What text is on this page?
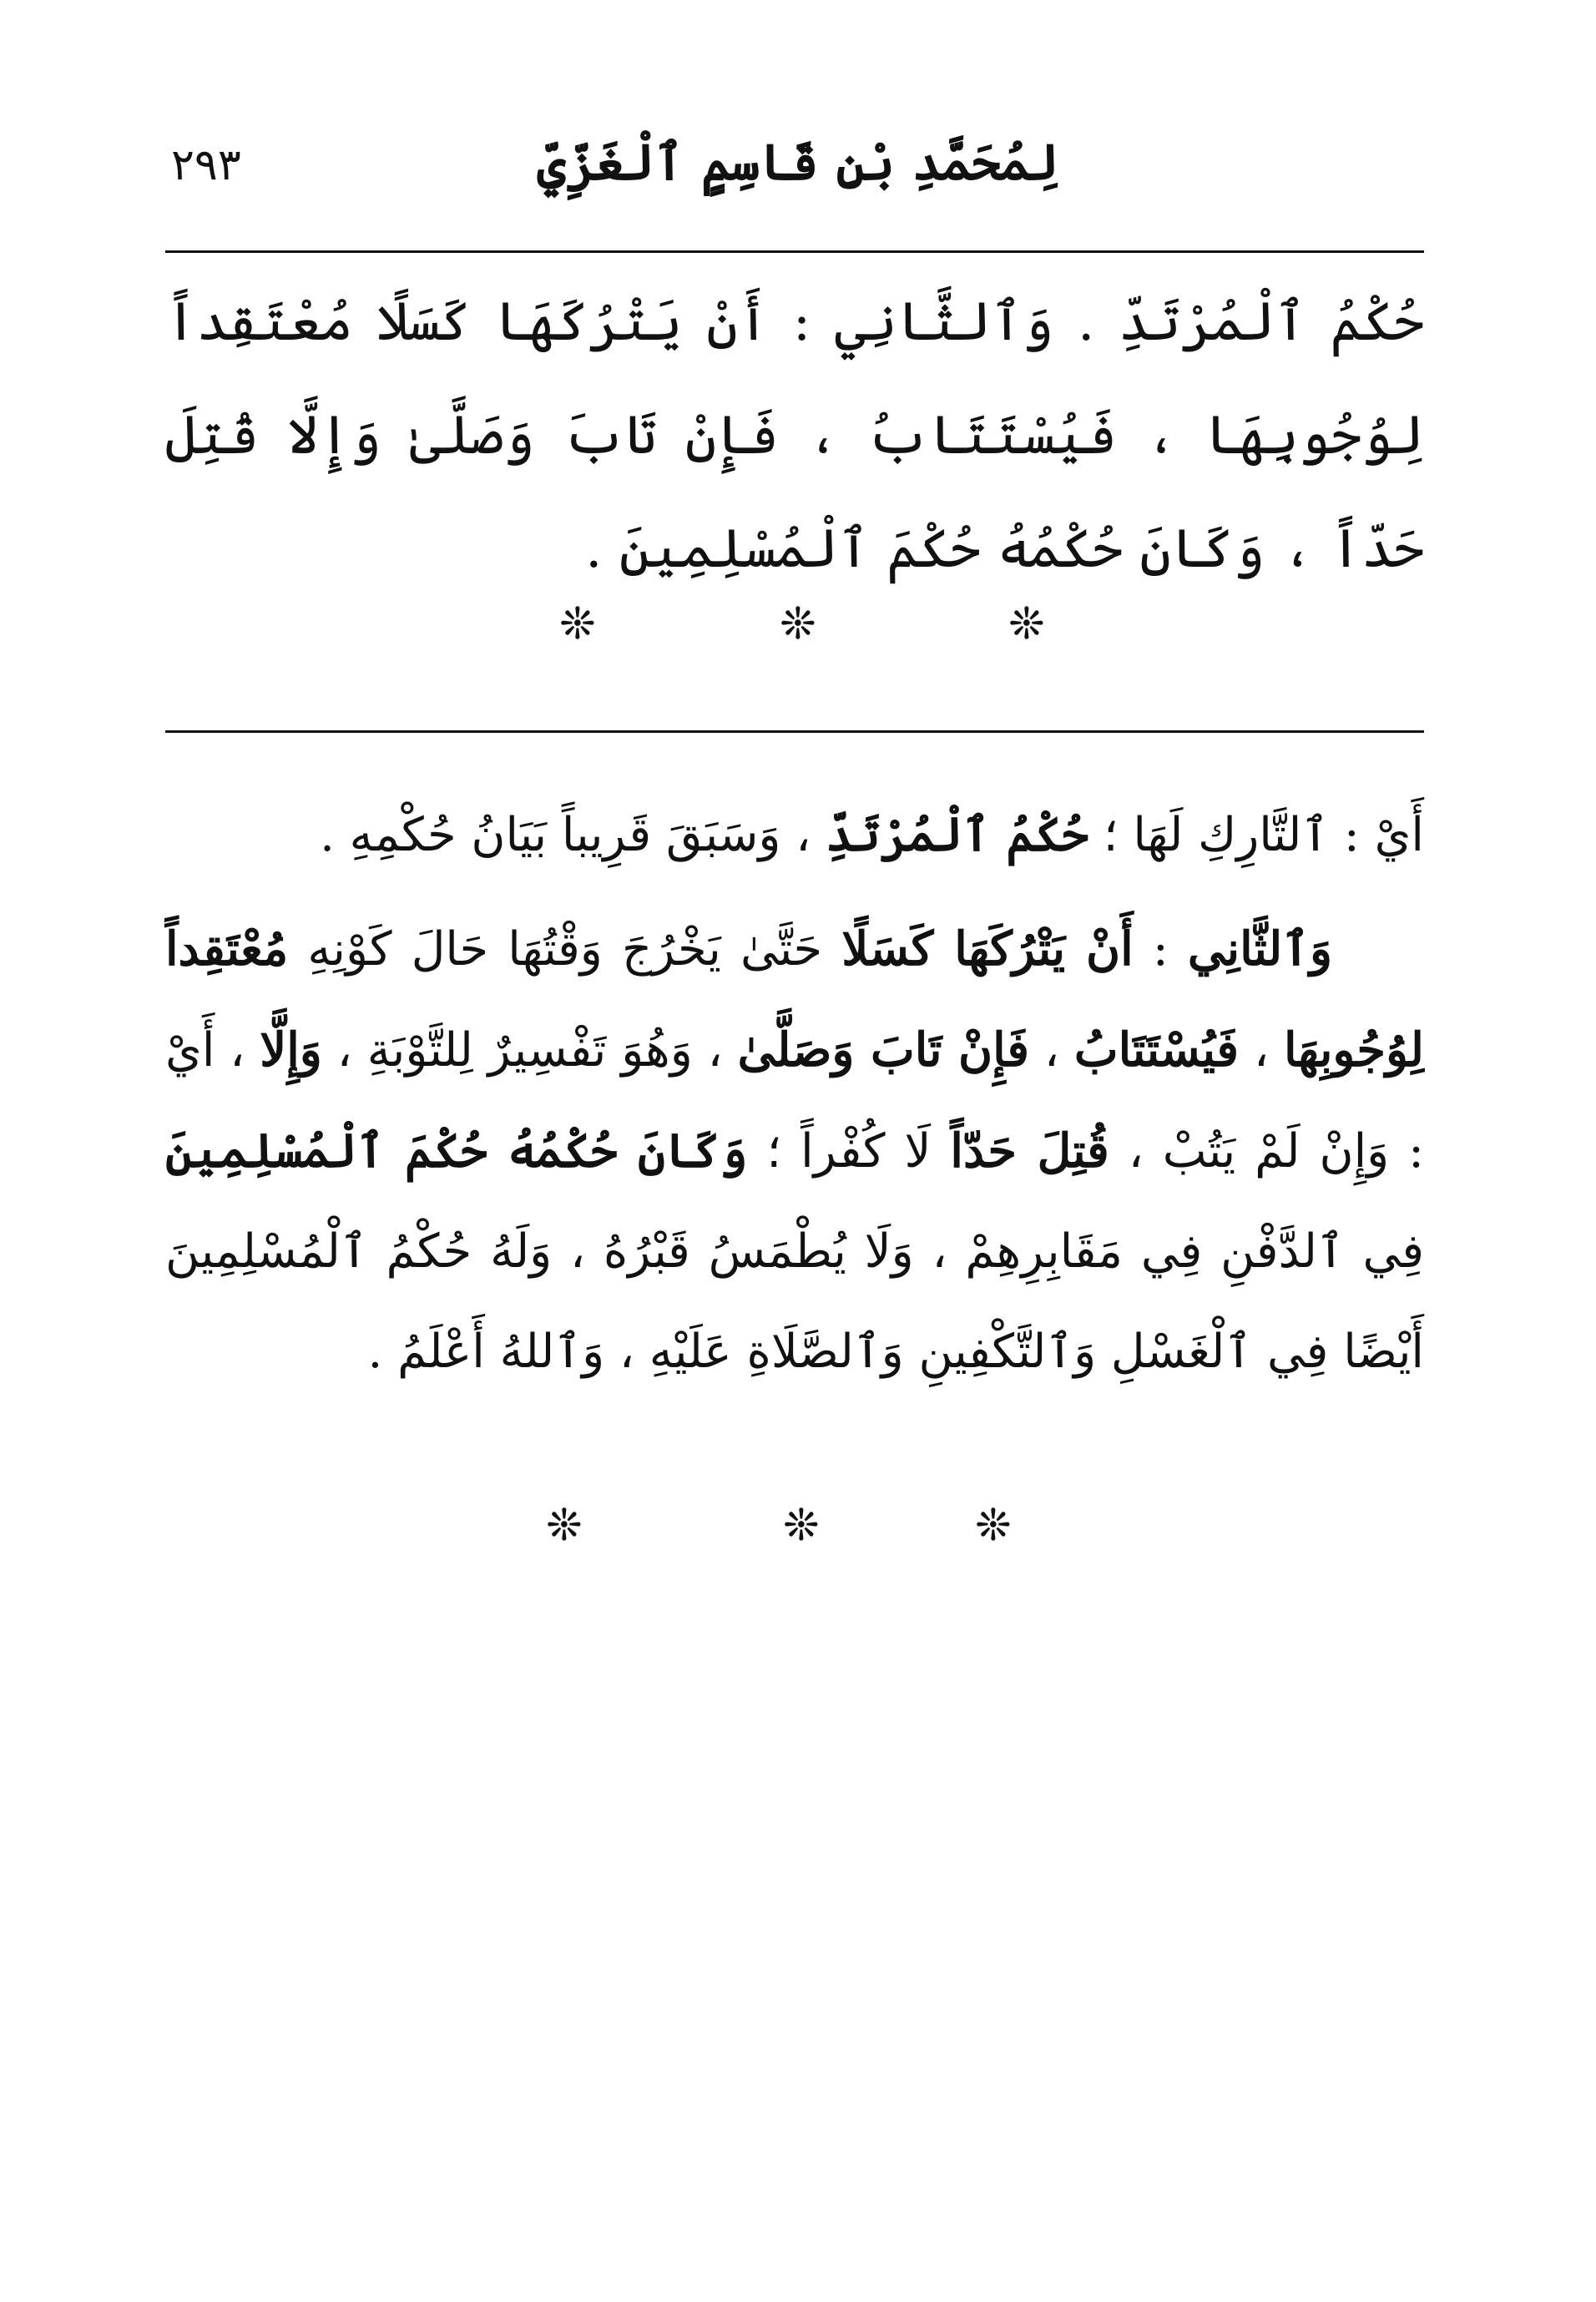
٢٩٣	لِمُحَمَّدِ بْنِ قَاسِمٍ ٱلْغَزِّيِّ
حُكْمُ ٱلْمُرْتَدِّ . وَٱلثَّانِي : أَنْ يَتْرُكَهَا كَسَلًا مُعْتَقِداً لِوُجُوبِهَا ، فَيُسْتَتَابُ ، فَإِنْ تَابَ وَصَلَّىٰ وَإِلَّا قُتِلَ حَدّاً ، وَكَانَ حُكْمُهُ حُكْمَ ٱلْمُسْلِمِينَ .
❊	❊	❊

أَيْ : ٱلتَّارِكِ لَهَا ؛ حُكْمُ ٱلْمُرْتَدِّ ، وَسَبَقَ قَرِيباً بَيَانُ حُكْمِهِ .

وَٱلثَّانِي : أَنْ يَتْرُكَهَا كَسَلًا حَتَّىٰ يَخْرُجَ وَقْتُهَا حَالَ كَوْنِهِ مُعْتَقِداً لِوُجُوبِهَا ، فَيُسْتَتَابُ ، فَإِنْ تَابَ وَصَلَّىٰ ، وَهُوَ تَفْسِيرٌ لِلتَّوْبَةِ ، وَإِلَّا ، أَيْ : وَإِنْ لَمْ يَتُبْ ، قُتِلَ حَدّاً لَا كُفْراً ؛ وَكَانَ حُكْمُهُ حُكْمَ ٱلْمُسْلِمِينَ فِي ٱلدَّفْنِ فِي مَقَابِرِهِمْ ، وَلَا يُطْمَسُ قَبْرُهُ ، وَلَهُ حُكْمُ ٱلْمُسْلِمِينَ أَيْضًا فِي ٱلْغَسْلِ وَٱلتَّكْفِينِ وَٱلصَّلَاةِ عَلَيْهِ ، وَٱللهُ أَعْلَمُ .

❊	❊	❊
